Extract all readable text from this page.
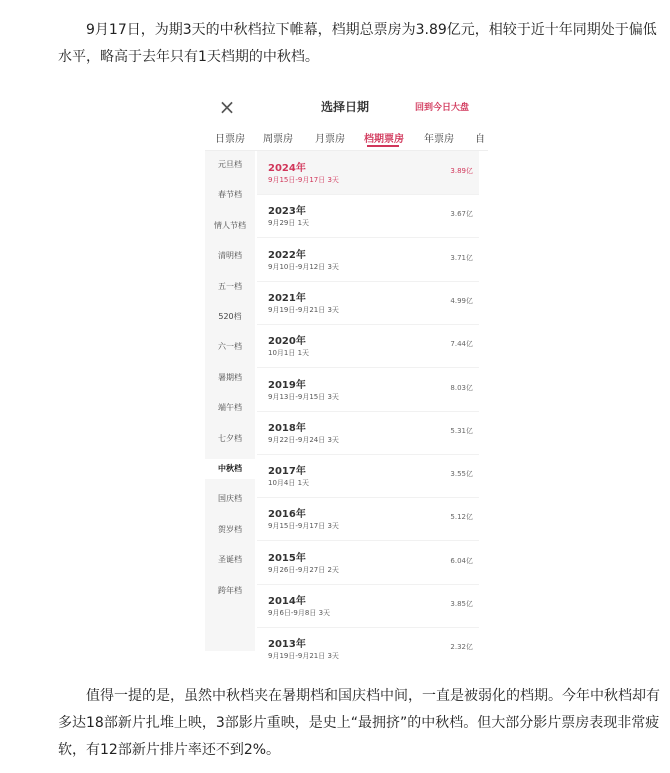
9月17日，为期3天的中秋档拉下帷幕，档期总票房为3.89亿元，相较于近十年同期处于偏低水平，略高于去年只有1天档期的中秋档。

×	选择日期	回到今日大盘
日票房 周票房 月票房 档期票房 年票房 自
元旦档
春节档
情人节档
清明档
五一档
520档
六一档
暑期档
端午档
七夕档
中秋档
国庆档
贺岁档
圣诞档
跨年档
2024年
9月15日-9月17日 3天
3.89亿
2023年
9月29日 1天
3.67亿
2022年
9月10日-9月12日 3天
3.71亿
2021年
9月19日-9月21日 3天
4.99亿
2020年
10月1日 1天
7.44亿
2019年
9月13日-9月15日 3天
8.03亿
2018年
9月22日-9月24日 3天
5.31亿
2017年
10月4日 1天
3.55亿
2016年
9月15日-9月17日 3天
5.12亿
2015年
9月26日-9月27日 2天
6.04亿
2014年
9月6日-9月8日 3天
3.85亿
2013年
9月19日-9月21日 3天
2.32亿

值得一提的是，虽然中秋档夹在暑期档和国庆档中间，一直是被弱化的档期。今年中秋档却有多达18部新片扎堆上映，3部影片重映，是史上“最拥挤”的中秋档。但大部分影片票房表现非常疲软，有12部新片排片率还不到2%。
